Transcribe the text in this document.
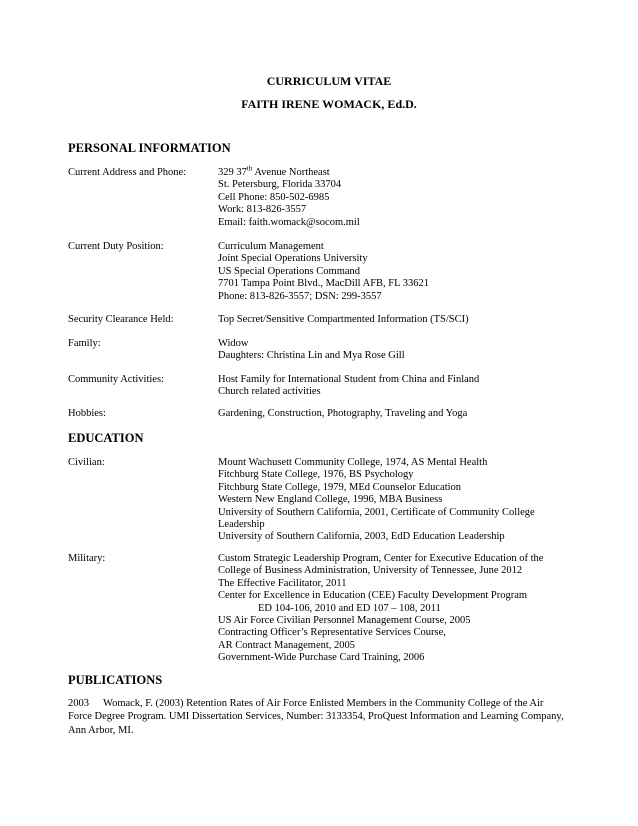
CURRICULUM VITAE
FAITH IRENE WOMACK, Ed.D.
PERSONAL INFORMATION
Current Address and Phone:	329 37th Avenue Northeast
St. Petersburg, Florida 33704
Cell Phone: 850-502-6985
Work: 813-826-3557
Email: faith.womack@socom.mil
Current Duty Position:	Curriculum Management
Joint Special Operations University
US Special Operations Command
7701 Tampa Point Blvd., MacDill AFB, FL 33621
Phone: 813-826-3557; DSN: 299-3557
Security Clearance Held:	Top Secret/Sensitive Compartmented Information (TS/SCI)
Family:	Widow
Daughters: Christina Lin and Mya Rose Gill
Community Activities:	Host Family for International Student from China and Finland
Church related activities
Hobbies:	Gardening, Construction, Photography, Traveling and Yoga
EDUCATION
Civilian:	Mount Wachusett Community College, 1974, AS Mental Health
Fitchburg State College, 1976, BS Psychology
Fitchburg State College, 1979, MEd Counselor Education
Western New England College, 1996, MBA Business
University of Southern California, 2001, Certificate of Community College
Leadership
University of Southern California, 2003, EdD Education Leadership
Military:	Custom Strategic Leadership Program, Center for Executive Education of the
College of Business Administration, University of Tennessee, June 2012
The Effective Facilitator, 2011
Center for Excellence in Education (CEE) Faculty Development Program
ED 104-106, 2010 and ED 107 – 108, 2011
US Air Force Civilian Personnel Management Course, 2005
Contracting Officer’s Representative Services Course,
AR Contract Management, 2005
Government-Wide Purchase Card Training, 2006
PUBLICATIONS
2003 Womack, F. (2003) Retention Rates of Air Force Enlisted Members in the Community College of the Air Force Degree Program. UMI Dissertation Services, Number: 3133354, ProQuest Information and Learning Company, Ann Arbor, MI.
